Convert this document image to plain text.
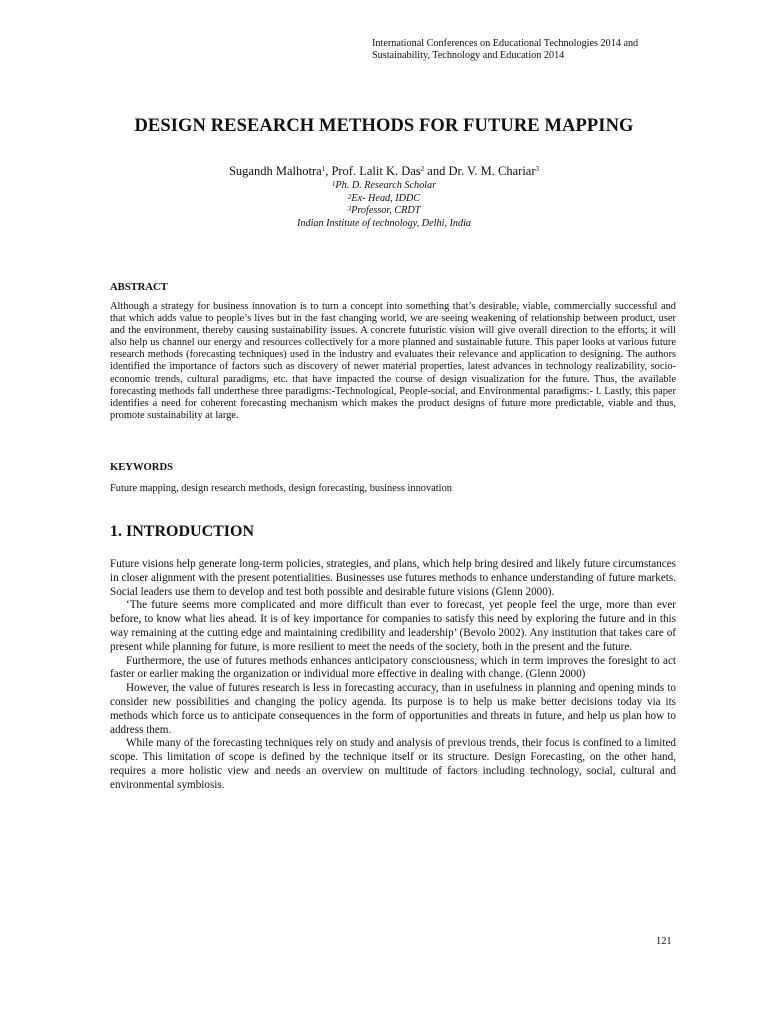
International Conferences on Educational Technologies 2014 and
Sustainability, Technology and Education 2014
DESIGN RESEARCH METHODS FOR FUTURE MAPPING
Sugandh Malhotra$^1$, Prof. Lalit K. Das$^2$ and Dr. V. M. Chariar$^3$
$^1$Ph. D. Research Scholar
$^2$Ex- Head, IDDC
$^3$Professor, CRDT
Indian Institute of technology, Delhi, India
ABSTRACT
Although a strategy for business innovation is to turn a concept into something that’s desirable, viable, commercially successful and that which adds value to people’s lives but in the fast changing world, we are seeing weakening of relationship between product, user and the environment, thereby causing sustainability issues. A concrete futuristic vision will give overall direction to the efforts; it will also help us channel our energy and resources collectively for a more planned and sustainable future. This paper looks at various future research methods (forecasting techniques) used in the industry and evaluates their relevance and application to designing. The authors identified the importance of factors such as discovery of newer material properties, latest advances in technology realizability, socio-economic trends, cultural paradigms, etc. that have impacted the course of design visualization for the future. Thus, the available forecasting methods fall underthese three paradigms:-Technological, People-social, and Environmental paradigms:- l. Lastly, this paper identifies a need for coherent forecasting mechanism which makes the product designs of future more predictable, viable and thus, promote sustainability at large.
KEYWORDS
Future mapping, design research methods, design forecasting, business innovation
1. INTRODUCTION

Future visions help generate long-term policies, strategies, and plans, which help bring desired and likely future circumstances in closer alignment with the present potentialities. Businesses use futures methods to enhance understanding of future markets. Social leaders use them to develop and test both possible and desirable future visions (Glenn 2000).

‘The future seems more complicated and more difficult than ever to forecast, yet people feel the urge, more than ever before, to know what lies ahead. It is of key importance for companies to satisfy this need by exploring the future and in this way remaining at the cutting edge and maintaining credibility and leadership’ (Bevolo 2002). Any institution that takes care of present while planning for future, is more resilient to meet the needs of the society, both in the present and the future.

Furthermore, the use of futures methods enhances anticipatory consciousness, which in term improves the foresight to act faster or earlier making the organization or individual more effective in dealing with change. (Glenn 2000)

However, the value of futures research is less in forecasting accuracy, than in usefulness in planning and opening minds to consider new possibilities and changing the policy agenda. Its purpose is to help us make better decisions today via its methods which force us to anticipate consequences in the form of opportunities and threats in future, and help us plan how to address them.

While many of the forecasting techniques rely on study and analysis of previous trends, their focus is confined to a limited scope. This limitation of scope is defined by the technique itself or its structure. Design Forecasting, on the other hand, requires a more holistic view and needs an overview on multitude of factors including technology, social, cultural and environmental symbiosis.

121
